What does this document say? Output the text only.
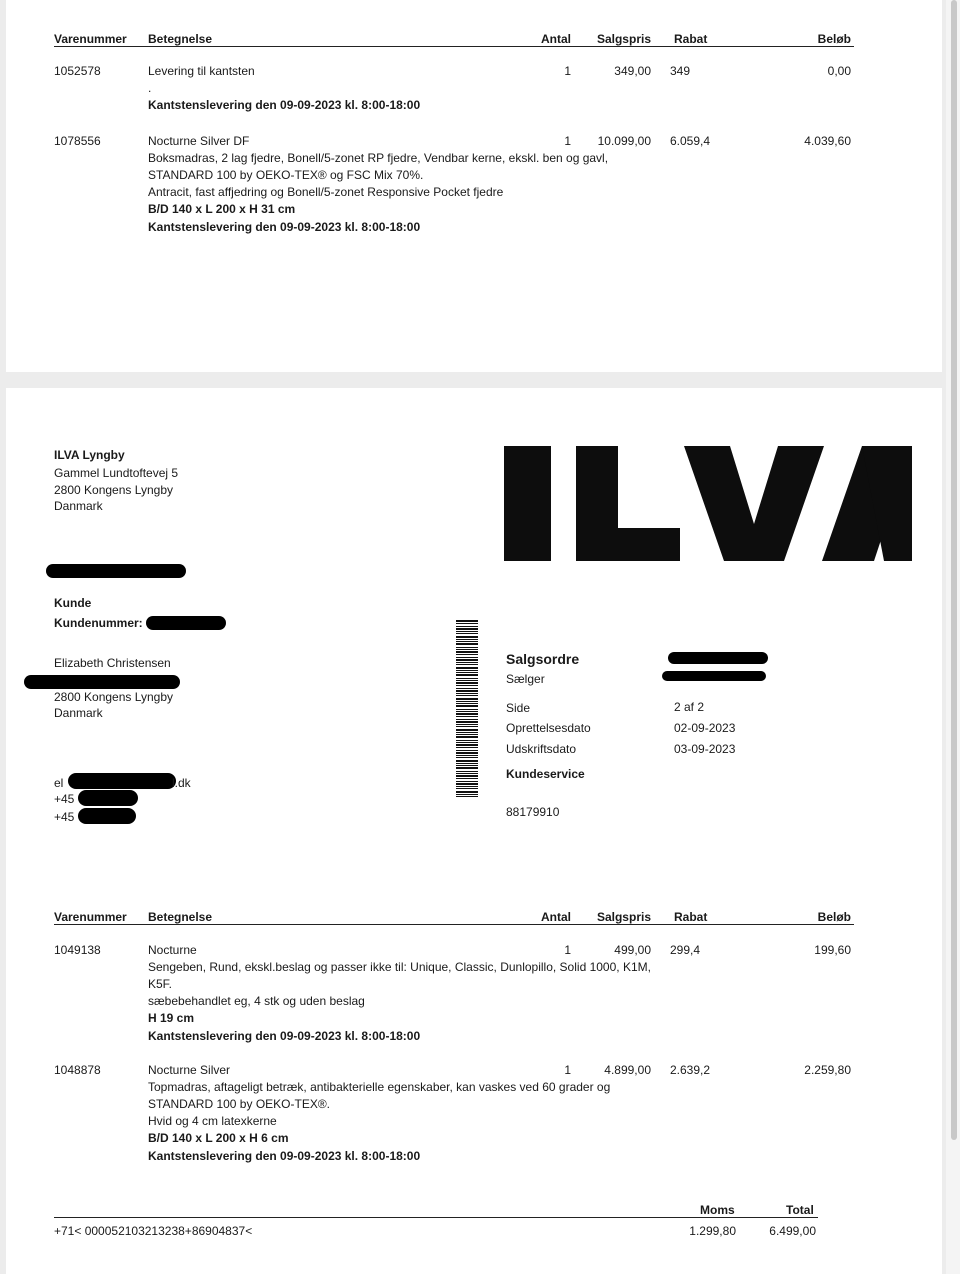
Varenummer Betegnelse	Antal	Salgspris Rabat	Beløb
1052578	Levering til kantsten	1	349,00 349	0,00
.
Kantstenslevering den 09-09-2023 kl. 8:00-18:00
1078556	Nocturne Silver DF	1	10.099,00 6.059,4	4.039,60
Boksmadras, 2 lag fjedre, Bonell/5-zonet RP fjedre, Vendbar kerne, ekskl. ben og gavl,
STANDARD 100 by OEKO-TEX® og FSC Mix 70%.
Antracit, fast affjedring og Bonell/5-zonet Responsive Pocket fjedre
B/D 140 x L 200 x H 31 cm
Kantstenslevering den 09-09-2023 kl. 8:00-18:00
ILVA Lyngby
Gammel Lundtoftevej 5
2800 Kongens Lyngby
Danmark
Kunde
Kundenummer:
Elizabeth Christensen
2800 Kongens Lyngby
Danmark
el	l.dk
+45
+45
Salgsordre
Sælger
Side	2 af 2
Oprettelsesdato	02-09-2023
Udskriftsdato	03-09-2023
Kundeservice
88179910
Varenummer Betegnelse	Antal	Salgspris Rabat	Beløb
1049138	Nocturne	1	499,00 299,4	199,60
Sengeben, Rund, ekskl.beslag og passer ikke til: Unique, Classic, Dunlopillo, Solid 1000, K1M,
K5F.
sæbebehandlet eg, 4 stk og uden beslag
H 19 cm
Kantstenslevering den 09-09-2023 kl. 8:00-18:00
1048878	Nocturne Silver	1	4.899,00 2.639,2	2.259,80
Topmadras, aftageligt betræk, antibakterielle egenskaber, kan vaskes ved 60 grader og
STANDARD 100 by OEKO-TEX®.
Hvid og 4 cm latexkerne
B/D 140 x L 200 x H 6 cm
Kantstenslevering den 09-09-2023 kl. 8:00-18:00
Moms	Total
+71< 000052103213238+86904837<	1.299,80	6.499,00
